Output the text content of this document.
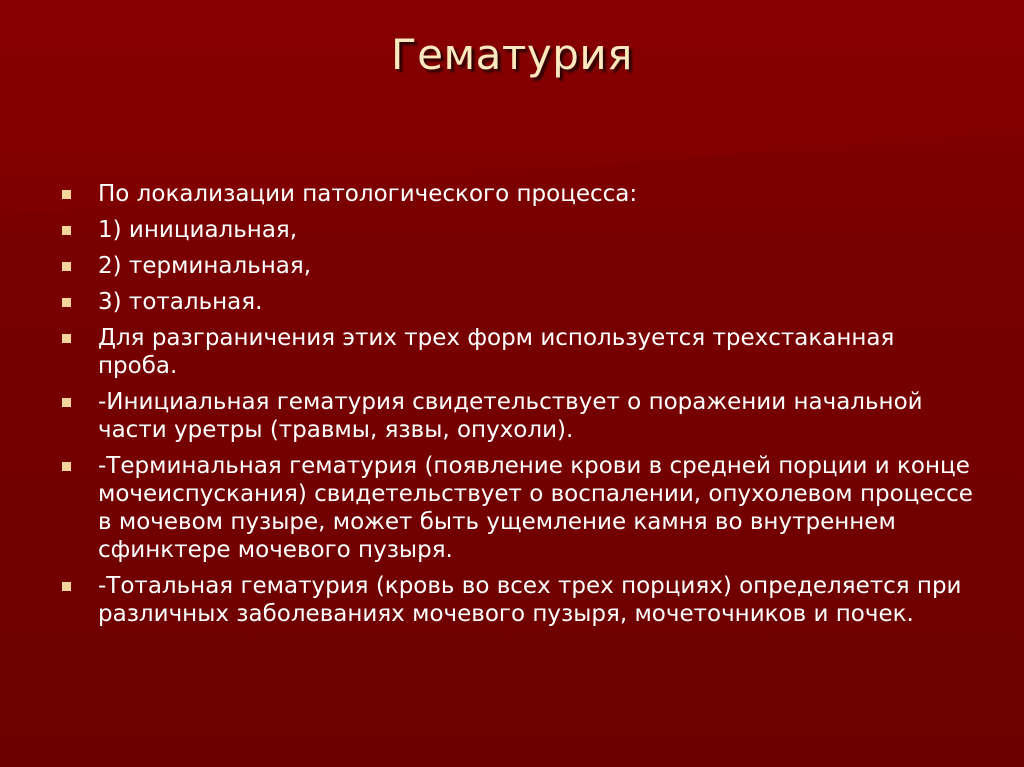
Гематурия
По локализации патологического процесса:
1) инициальная,
2) терминальная,
3) тотальная.
Для разграничения этих трех форм используется трехстаканная проба.
-Инициальная гематурия свидетельствует о поражении начальной части уретры (травмы, язвы, опухоли).
-Терминальная гематурия (появление крови в средней порции и конце мочеиспускания) свидетельствует о воспалении, опухолевом процессе в мочевом пузыре, может быть ущемление камня во внутреннем сфинктере мочевого пузыря.
-Тотальная гематурия (кровь во всех трех порциях) определяется при различных заболеваниях мочевого пузыря, мочеточников и почек.
